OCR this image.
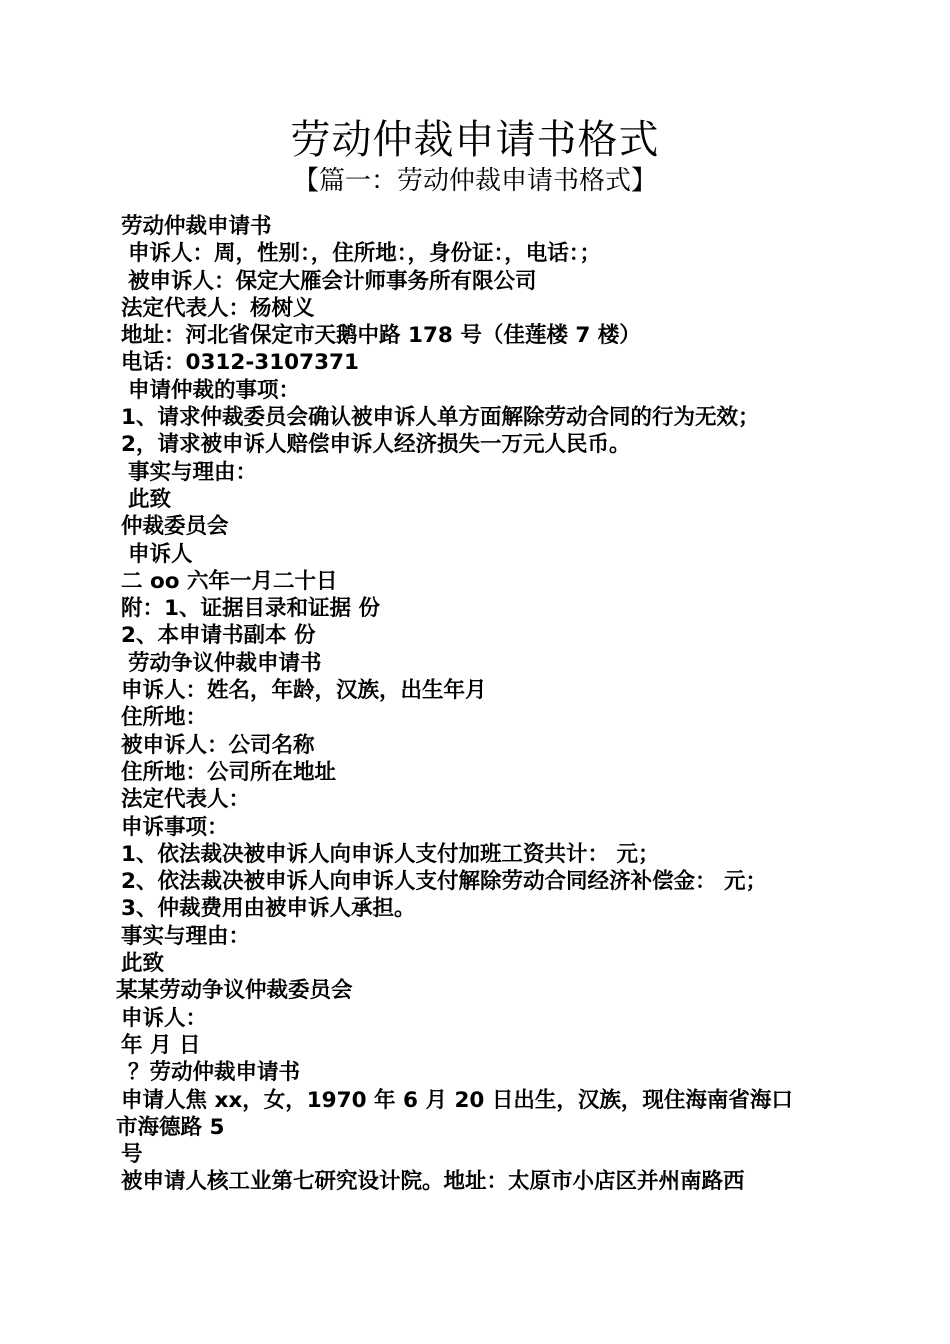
劳动仲裁申请书格式
【篇一：劳动仲裁申请书格式】
劳动仲裁申请书
申诉人：周，性别：，住所地：，身份证：，电话：；
被申诉人：保定大雁会计师事务所有限公司
法定代表人：杨树义
地址：河北省保定市天鹅中路 178 号（佳莲楼 7 楼）
电话：0312-3107371
申请仲裁的事项：
1、请求仲裁委员会确认被申诉人单方面解除劳动合同的行为无效；
2，请求被申诉人赔偿申诉人经济损失一万元人民币。
事实与理由：
此致
仲裁委员会
申诉人
二 oo 六年一月二十日
附：1、证据目录和证据 份
2、本申请书副本 份
劳动争议仲裁申请书
申诉人：姓名，年龄，汉族，出生年月
住所地：
被申诉人：公司名称
住所地：公司所在地址
法定代表人：
申诉事项：
1、依法裁决被申诉人向申诉人支付加班工资共计： 元；
2、依法裁决被申诉人向申诉人支付解除劳动合同经济补偿金： 元；
3、仲裁费用由被申诉人承担。
事实与理由：
此致
某某劳动争议仲裁委员会
申诉人：
年 月 日
？劳动仲裁申请书
申请人焦 xx，女，1970 年 6 月 20 日出生，汉族，现住海南省海口
市海德路 5
号
被申请人核工业第七研究设计院。地址：太原市小店区并州南路西
